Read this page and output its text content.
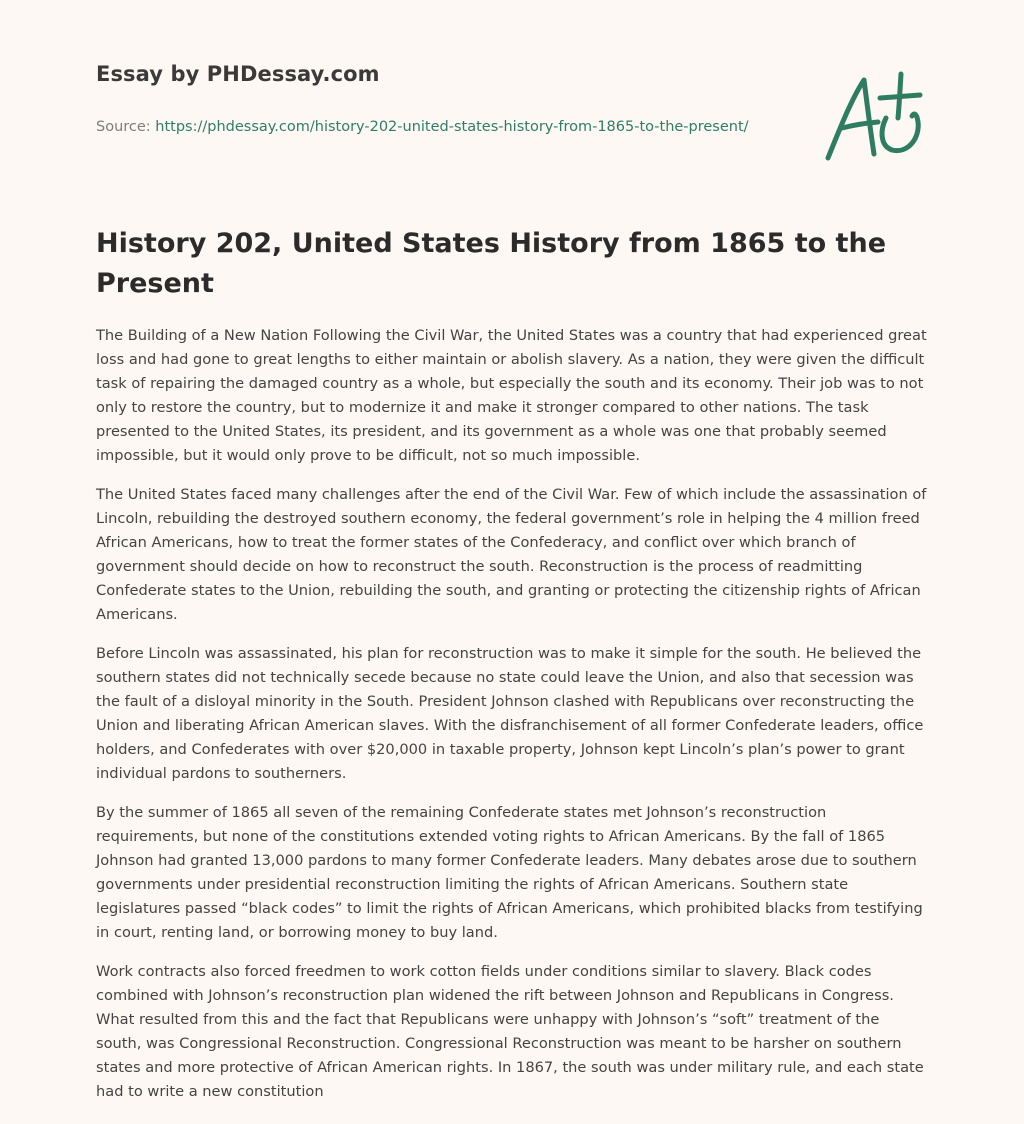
Essay by PHDessay.com
Source: https://phdessay.com/history-202-united-states-history-from-1865-to-the-present/
History 202, United States History from 1865 to the Present

The Building of a New Nation Following the Civil War, the United States was a country that had experienced great loss and had gone to great lengths to either maintain or abolish slavery. As a nation, they were given the difficult task of repairing the damaged country as a whole, but especially the south and its economy. Their job was to not only to restore the country, but to modernize it and make it stronger compared to other nations. The task presented to the United States, its president, and its government as a whole was one that probably seemed impossible, but it would only prove to be difficult, not so much impossible.

The United States faced many challenges after the end of the Civil War. Few of which include the assassination of Lincoln, rebuilding the destroyed southern economy, the federal government’s role in helping the 4 million freed African Americans, how to treat the former states of the Confederacy, and conflict over which branch of government should decide on how to reconstruct the south. Reconstruction is the process of readmitting Confederate states to the Union, rebuilding the south, and granting or protecting the citizenship rights of African Americans.

Before Lincoln was assassinated, his plan for reconstruction was to make it simple for the south. He believed the southern states did not technically secede because no state could leave the Union, and also that secession was the fault of a disloyal minority in the South. President Johnson clashed with Republicans over reconstructing the Union and liberating African American slaves. With the disfranchisement of all former Confederate leaders, office holders, and Confederates with over $20,000 in taxable property, Johnson kept Lincoln’s plan’s power to grant individual pardons to southerners.

By the summer of 1865 all seven of the remaining Confederate states met Johnson’s reconstruction requirements, but none of the constitutions extended voting rights to African Americans. By the fall of 1865 Johnson had granted 13,000 pardons to many former Confederate leaders. Many debates arose due to southern governments under presidential reconstruction limiting the rights of African Americans. Southern state legislatures passed “black codes” to limit the rights of African Americans, which prohibited blacks from testifying in court, renting land, or borrowing money to buy land.

Work contracts also forced freedmen to work cotton fields under conditions similar to slavery. Black codes combined with Johnson’s reconstruction plan widened the rift between Johnson and Republicans in Congress. What resulted from this and the fact that Republicans were unhappy with Johnson’s “soft” treatment of the south, was Congressional Reconstruction. Congressional Reconstruction was meant to be harsher on southern states and more protective of African American rights. In 1867, the south was under military rule, and each state had to write a new constitution
